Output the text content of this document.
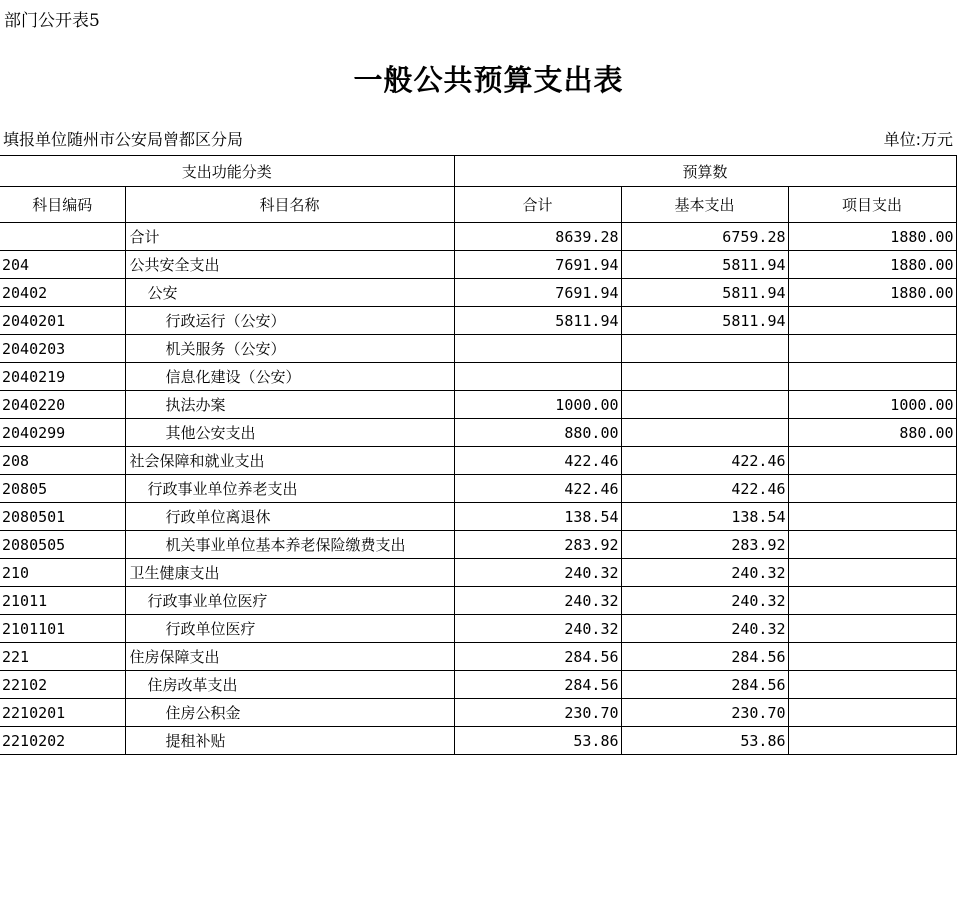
部门公开表5
一般公共预算支出表
填报单位随州市公安局曾都区分局	单位:万元
支出功能分类		预算数		
科目编码	科目名称	合计	基本支出	项目支出
	合计	8639.28	6759.28	1880.00
204	公共安全支出	7691.94	5811.94	1880.00
20402	公安	7691.94	5811.94	1880.00
2040201	行政运行（公安）	5811.94	5811.94	
2040203	机关服务（公安）			
2040219	信息化建设（公安）			
2040220	执法办案	1000.00		1000.00
2040299	其他公安支出	880.00		880.00
208	社会保障和就业支出	422.46	422.46	
20805	行政事业单位养老支出	422.46	422.46	
2080501	行政单位离退休	138.54	138.54	
2080505	机关事业单位基本养老保险缴费支出	283.92	283.92	
210	卫生健康支出	240.32	240.32	
21011	行政事业单位医疗	240.32	240.32	
2101101	行政单位医疗	240.32	240.32	
221	住房保障支出	284.56	284.56	
22102	住房改革支出	284.56	284.56	
2210201	住房公积金	230.70	230.70	
2210202	提租补贴	53.86	53.86	
